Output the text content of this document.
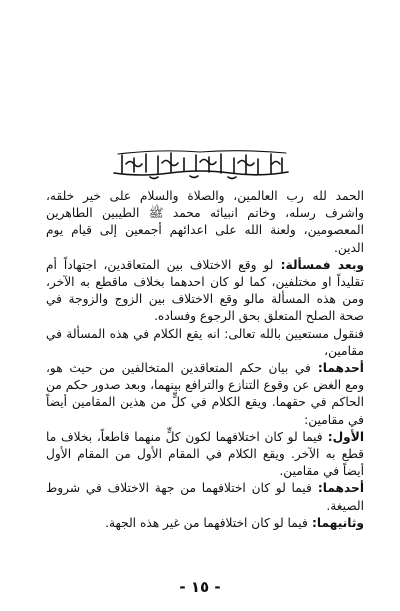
الحمد لله رب العالمين، والصلاة والسلام على خير خلقه، واشرف رسله، وخاتم انبيائه محمد ﷺ الطيبين الطاهرين المعصومين، ولعنة الله على اعدائهم أجمعين إلى قيام يوم الدين.

وبعد فمسألة: لو وقع الاختلاف بين المتعاقدين، اجتهاداً أم تقليداً او مختلفين، كما لو كان احدهما بخلاف ماقطع به الآخر، ومن هذه المسألة مالو وقع الاختلاف بين الزوج والزوجة في صحة الصلح المتعلق بحق الرجوع وفساده.

فنقول مستعيين بالله تعالى: انه يقع الكلام في هذه المسألة في مقامين،

أحدهما: في بيان حكم المتعاقدين المتخالفين من حيث هو، ومع الغض عن وقوع التنازع والترافع بينهما، وبعد صدور حكم من الحاكم في حقهما. ويقع الكلام في كلٍّ من هذين المقامين أيضاً في مقامين:

الأول: فيما لو كان اختلافهما لكون كلٍّ منهما قاطعاً، بخلاف ما قطع به الآخر. ويقع الكلام في المقام الأول من المقام الأول أيضاً في مقامين.

أحدهما: فيما لو كان اختلافهما من جهة الاختلاف في شروط الصيغة.

وثانيهما: فيما لو كان اختلافهما من غير هذه الجهة.

- ١٥ -
